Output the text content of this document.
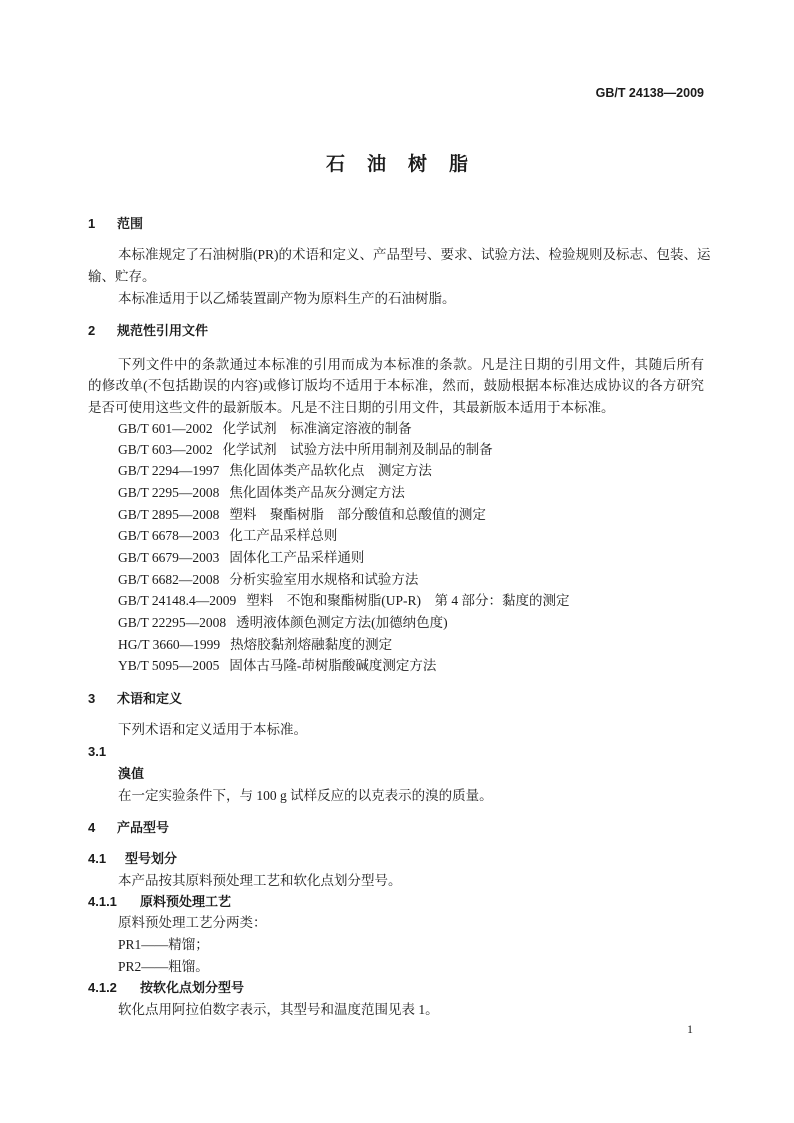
GB/T 24138—2009
石油树脂
1 范围
本标准规定了石油树脂(PR)的术语和定义、产品型号、要求、试验方法、检验规则及标志、包装、运
输、贮存。
本标准适用于以乙烯装置副产物为原料生产的石油树脂。
2 规范性引用文件
下列文件中的条款通过本标准的引用而成为本标准的条款。凡是注日期的引用文件，其随后所有
的修改单(不包括勘误的内容)或修订版均不适用于本标准，然而，鼓励根据本标准达成协议的各方研究
是否可使用这些文件的最新版本。凡是不注日期的引用文件，其最新版本适用于本标准。
GB/T 601—2002 化学试剂　标准滴定溶液的制备
GB/T 603—2002 化学试剂　试验方法中所用制剂及制品的制备
GB/T 2294—1997 焦化固体类产品软化点　测定方法
GB/T 2295—2008 焦化固体类产品灰分测定方法
GB/T 2895—2008 塑料　聚酯树脂　部分酸值和总酸值的测定
GB/T 6678—2003 化工产品采样总则
GB/T 6679—2003 固体化工产品采样通则
GB/T 6682—2008 分析实验室用水规格和试验方法
GB/T 24148.4—2009 塑料　不饱和聚酯树脂(UP-R)　第 4 部分：黏度的测定
GB/T 22295—2008 透明液体颜色测定方法(加德纳色度)
HG/T 3660—1999 热熔胶黏剂熔融黏度的测定
YB/T 5095—2005 固体古马隆-茚树脂酸碱度测定方法
3 术语和定义
下列术语和定义适用于本标准。
3.1
溴值
在一定实验条件下，与 100 g 试样反应的以克表示的溴的质量。
4 产品型号
4.1 型号划分
本产品按其原料预处理工艺和软化点划分型号。
4.1.1 原料预处理工艺
原料预处理工艺分两类：
PR1——精馏；
PR2——粗馏。
4.1.2 按软化点划分型号
软化点用阿拉伯数字表示，其型号和温度范围见表 1。
1
